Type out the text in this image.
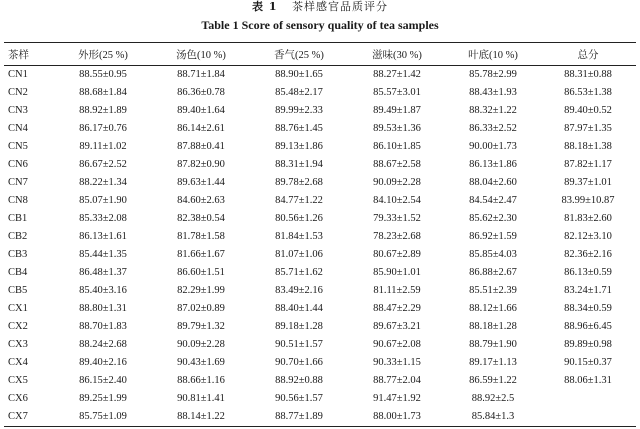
表 1 茶样感官品质评分
Table 1 Score of sensory quality of tea samples
茶样	外形(25 %)	汤色(10 %)	香气(25 %)	滋味(30 %)	叶底(10 %)	总分
CN1	88.55±0.95	88.71±1.84	88.90±1.65	88.27±1.42	85.78±2.99	88.31±0.88
CN2	88.68±1.84	86.36±0.78	85.48±2.17	85.57±3.01	88.43±1.93	86.53±1.38
CN3	88.92±1.89	89.40±1.64	89.99±2.33	89.49±1.87	88.32±1.22	89.40±0.52
CN4	86.17±0.76	86.14±2.61	88.76±1.45	89.53±1.36	86.33±2.52	87.97±1.35
CN5	89.11±1.02	87.88±0.41	89.13±1.86	86.10±1.85	90.00±1.73	88.18±1.38
CN6	86.67±2.52	87.82±0.90	88.31±1.94	88.67±2.58	86.13±1.86	87.82±1.17
CN7	88.22±1.34	89.63±1.44	89.78±2.68	90.09±2.28	88.04±2.60	89.37±1.01
CN8	85.07±1.90	84.60±2.63	84.77±1.22	84.10±2.54	84.54±2.47	83.99±10.87
CB1	85.33±2.08	82.38±0.54	80.56±1.26	79.33±1.52	85.62±2.30	81.83±2.60
CB2	86.13±1.61	81.78±1.58	81.84±1.53	78.23±2.68	86.92±1.59	82.12±3.10
CB3	85.44±1.35	81.66±1.67	81.07±1.06	80.67±2.89	85.85±4.03	82.36±2.16
CB4	86.48±1.37	86.60±1.51	85.71±1.62	85.90±1.01	86.88±2.67	86.13±0.59
CB5	85.40±3.16	82.29±1.99	83.49±2.16	81.11±2.59	85.51±2.39	83.24±1.71
CX1	88.80±1.31	87.02±0.89	88.40±1.44	88.47±2.29	88.12±1.66	88.34±0.59
CX2	88.70±1.83	89.79±1.32	89.18±1.28	89.67±3.21	88.18±1.28	88.96±6.45
CX3	88.24±2.68	90.09±2.28	90.51±1.57	90.67±2.08	88.79±1.90	89.89±0.98
CX4	89.40±2.16	90.43±1.69	90.70±1.66	90.33±1.15	89.17±1.13	90.15±0.37
CX5	86.15±2.40	88.66±1.16	88.92±0.88	88.77±2.04	86.59±1.22	88.06±1.31
CX6	89.25±1.99	90.81±1.41	90.56±1.57	91.47±1.92	88.92±2.5	
CX7	85.75±1.09	88.14±1.22	88.77±1.89	88.00±1.73	85.84±1.3	
